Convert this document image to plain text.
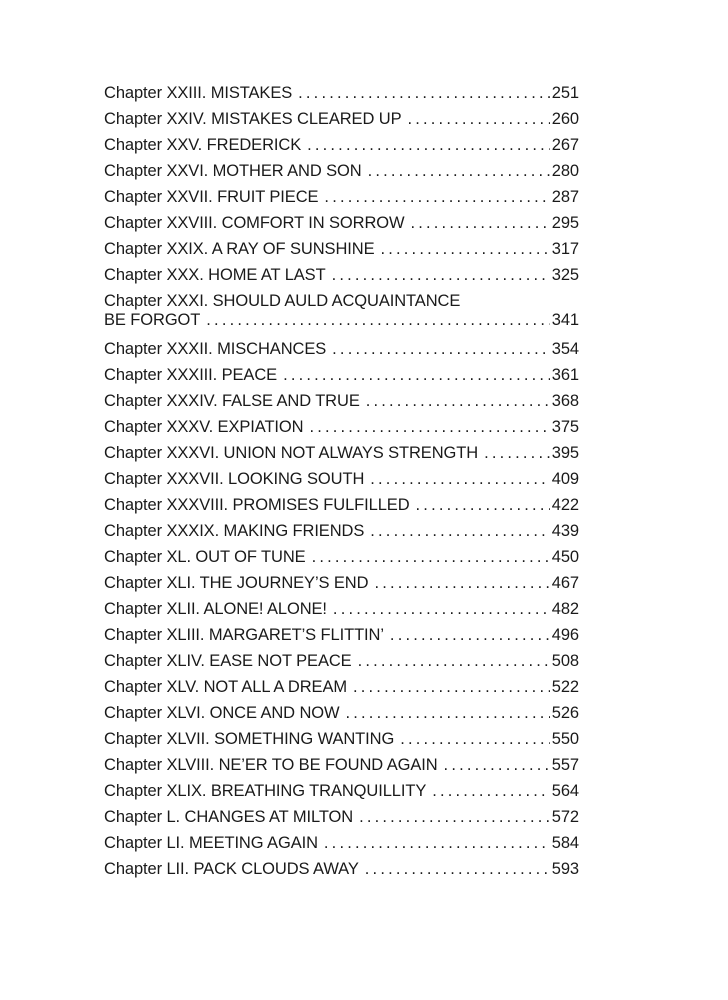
Chapter XXIII. MISTAKES . . .	251
Chapter XXIV. MISTAKES CLEARED UP . . .	260
Chapter XXV. FREDERICK . . .	267
Chapter XXVI. MOTHER AND SON . . .	280
Chapter XXVII. FRUIT PIECE . . .	287
Chapter XXVIII. COMFORT IN SORROW . . .	295
Chapter XXIX. A RAY OF SUNSHINE . . .	317
Chapter XXX. HOME AT LAST . . .	325
Chapter XXXI. SHOULD AULD ACQUAINTANCE
BE FORGOT . . .	341
Chapter XXXII. MISCHANCES . . .	354
Chapter XXXIII. PEACE . . .	361
Chapter XXXIV. FALSE AND TRUE . . .	368
Chapter XXXV. EXPIATION . . .	375
Chapter XXXVI. UNION NOT ALWAYS STRENGTH . . .	395
Chapter XXXVII. LOOKING SOUTH . . .	409
Chapter XXXVIII. PROMISES FULFILLED . . .	422
Chapter XXXIX. MAKING FRIENDS . . .	439
Chapter XL. OUT OF TUNE . . .	450
Chapter XLI. THE JOURNEY’S END . . .	467
Chapter XLII. ALONE! ALONE! . . .	482
Chapter XLIII. MARGARET’S FLITTIN’ . . .	496
Chapter XLIV. EASE NOT PEACE . . .	508
Chapter XLV. NOT ALL A DREAM . . .	522
Chapter XLVI. ONCE AND NOW . . .	526
Chapter XLVII. SOMETHING WANTING . . .	550
Chapter XLVIII. NE’ER TO BE FOUND AGAIN . . .	557
Chapter XLIX. BREATHING TRANQUILLITY . . .	564
Chapter L. CHANGES AT MILTON . . .	572
Chapter LI. MEETING AGAIN . . .	584
Chapter LII. PACK CLOUDS AWAY . . .	593
